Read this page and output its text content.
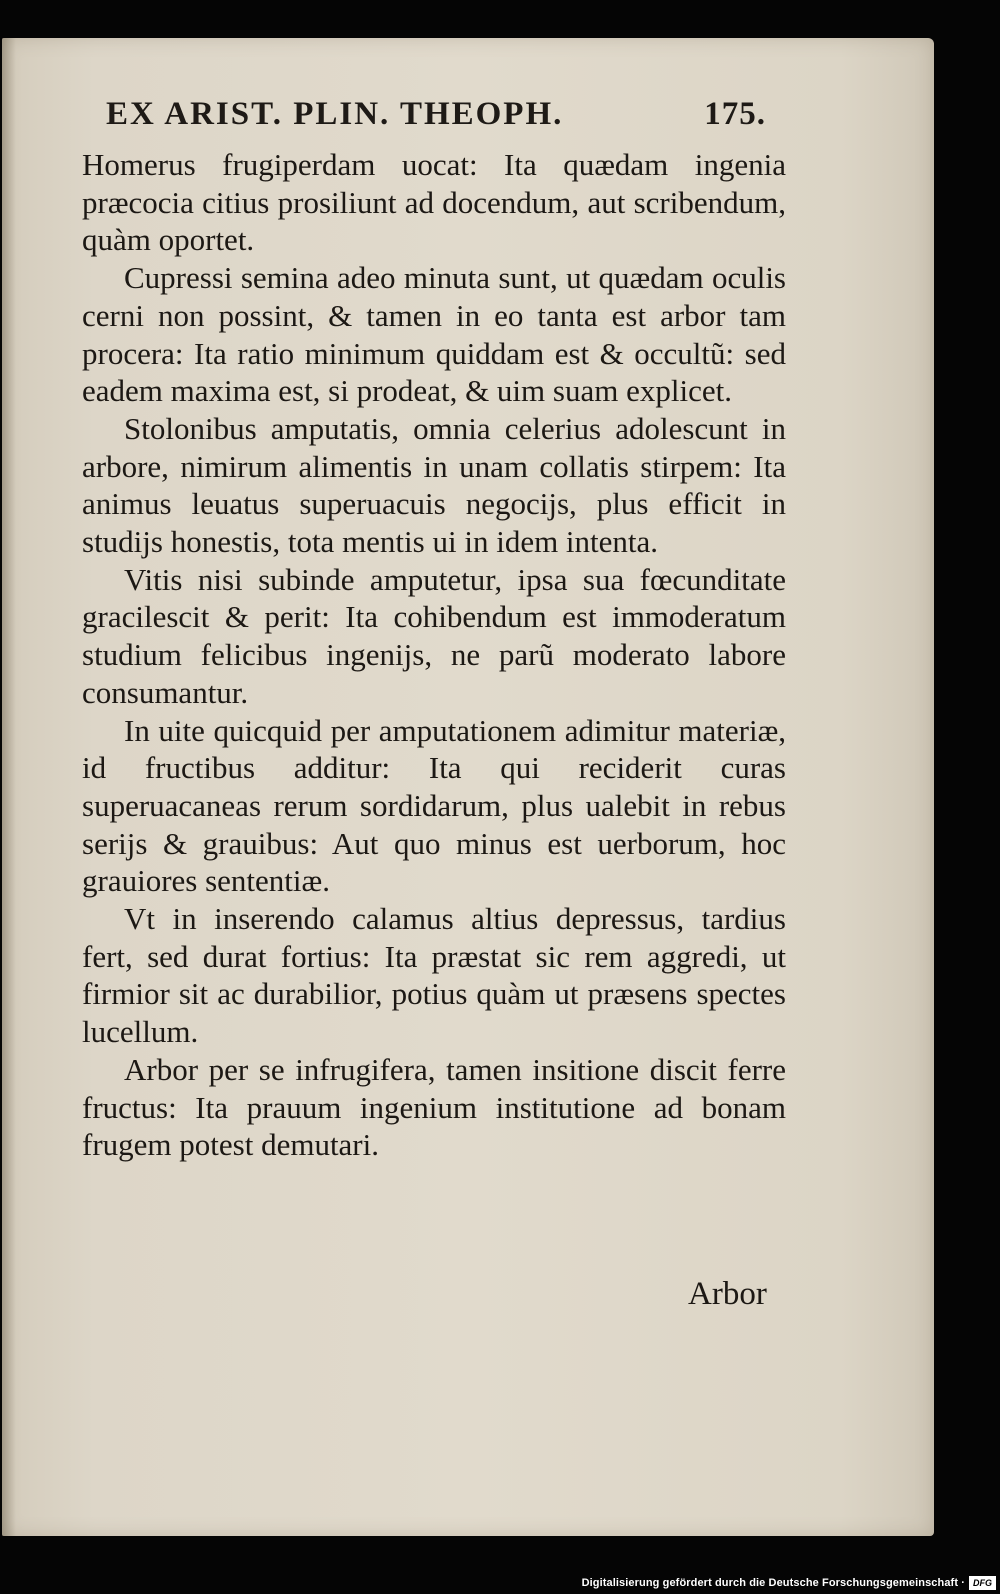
EX ARIST. PLIN. THEOPH.	175.

Homerus frugiperdam uocat: Ita quædam ingenia præcocia citius prosiliunt ad docendum, aut scribendum, quàm oportet.

Cupressi semina adeo minuta sunt, ut quædam oculis cerni non possint, & tamen in eo tanta est arbor tam procera: Ita ratio minimum quiddam est & occultũ: sed eadem maxima est, si prodeat, & uim suam explicet.

Stolonibus amputatis, omnia celerius adolescunt in arbore, nimirum alimentis in unam collatis stirpem: Ita animus leuatus superuacuis negocijs, plus efficit in studijs honestis, tota mentis ui in idem intenta.

Vitis nisi subinde amputetur, ipsa sua fœcunditate gracilescit & perit: Ita cohibendum est immoderatum studium felicibus ingenijs, ne parũ moderato labore consumantur.

In uite quicquid per amputationem adimitur materiæ, id fructibus additur: Ita qui reciderit curas superuacaneas rerum sordidarum, plus ualebit in rebus serijs & grauibus: Aut quo minus est uerborum, hoc grauiores sententiæ.

Vt in inserendo calamus altius depressus, tardius fert, sed durat fortius: Ita præstat sic rem aggredi, ut firmior sit ac durabilior, potius quàm ut præsens spectes lucellum.

Arbor per se infrugifera, tamen insitione discit ferre fructus: Ita prauum ingenium institutione ad bonam frugem potest demutari.

Arbor
Digitalisierung gefördert durch die Deutsche Forschungsgemeinschaft · DFG
